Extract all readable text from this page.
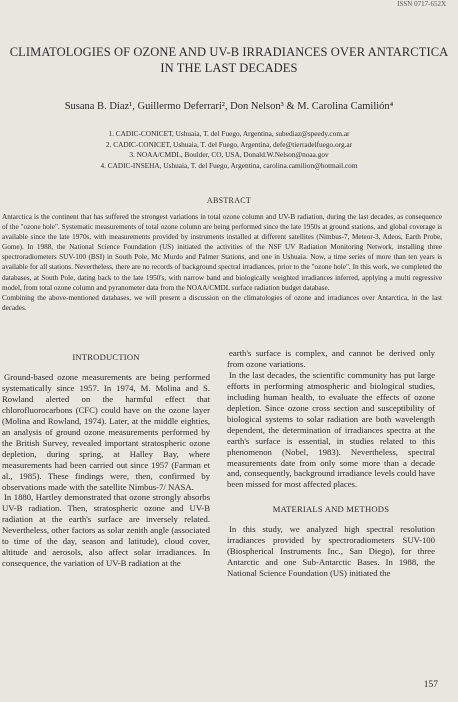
ISSN 0717-652X
CLIMATOLOGIES OF OZONE AND UV-B IRRADIANCES OVER ANTARCTICA
IN THE LAST DECADES
Susana B. Díaz¹, Guillermo Deferrari², Don Nelson³ & M. Carolina Camilión⁴
1. CADIC-CONICET, Ushuaia, T. del Fuego, Argentina, subediaz@speedy.com.ar
2. CADIC-CONICET, Ushuaia, T. del Fuego, Argentina, defe@tierradelfuego.org.ar
3. NOAA/CMDL, Boulder, CO, USA, Donald.W.Nelson@noaa.gov
4. CADIC-INSEHA, Ushuaia, T. del Fuego, Argentina, carolina.camilion@hotmail.com
ABSTRACT

Antarctica is the continent that has suffered the strongest variations in total ozone column and UV-B radiation, during the last decades, as consequence of the "ozone hole". Systematic measurements of total ozone column are being performed since the late 1950s at ground stations, and global coverage is available since the late 1970s, with measurements provided by instruments installed at different satellites (Nimbus-7, Meteor-3, Adeos, Earth Probe, Gome). In 1988, the National Science Foundation (US) initiated the activities of the NSF UV Radiation Monitoring Network, installing three spectroradiometers SUV-100 (BSI) in South Pole, Mc Murdo and Palmer Stations, and one in Ushuaia. Now, a time series of more than ten years is available for all stations. Nevertheless, there are no records of background spectral irradiances, prior to the "ozone hole". In this work, we completed the databases, at South Pole, dating back to the late 1950's, with narrow band and biologically weighted irradiances inferred, applying a multi regressive model, from total ozone column and pyranometer data from the NOAA/CMDL surface radiation budget database.

Combining the above-mentioned databases, we will present a discussion on the climatologies of ozone and irradiances over Antarctica, in the last decades.

INTRODUCTION

Ground-based ozone measurements are being performed systematically since 1957. In 1974, M. Molina and S. Rowland alerted on the harmful effect that chlorofluorocarbons (CFC) could have on the ozone layer (Molina and Rowland, 1974). Later, at the middle eighties, an analysis of ground ozone measurements performed by the British Survey, revealed important stratospheric ozone depletion, during spring, at Halley Bay, where measurements had been carried out since 1957 (Farman et al., 1985). These findings were, then, confirmed by observations made with the satellite Nimbus-7/ NASA.

In 1880, Hartley demonstrated that ozone strongly absorbs UV-B radiation. Then, stratospheric ozone and UV-B radiation at the earth's surface are inversely related. Nevertheless, other factors as solar zenith angle (associated to time of the day, season and latitude), cloud cover, altitude and aerosols, also affect solar irradiances. In consequence, the variation of UV-B radiation at the

earth's surface is complex, and cannot be derived only from ozone variations.

In the last decades, the scientific community has put large efforts in performing atmospheric and biological studies, including human health, to evaluate the effects of ozone depletion. Since ozone cross section and susceptibility of biological systems to solar radiation are both wavelength dependent, the determination of irradiances spectra at the earth's surface is essential, in studies related to this phenomenon (Nobel, 1983). Nevertheless, spectral measurements date from only some more than a decade and, consequently, background irradiance levels could have been missed for most affected places.

MATERIALS AND METHODS

In this study, we analyzed high spectral resolution irradiances provided by spectroradiometers SUV-100 (Biospherical Instruments Inc., San Diego), for three Antarctic and one Sub-Antarctic Bases. In 1988, the National Science Foundation (US) initiated the

157
